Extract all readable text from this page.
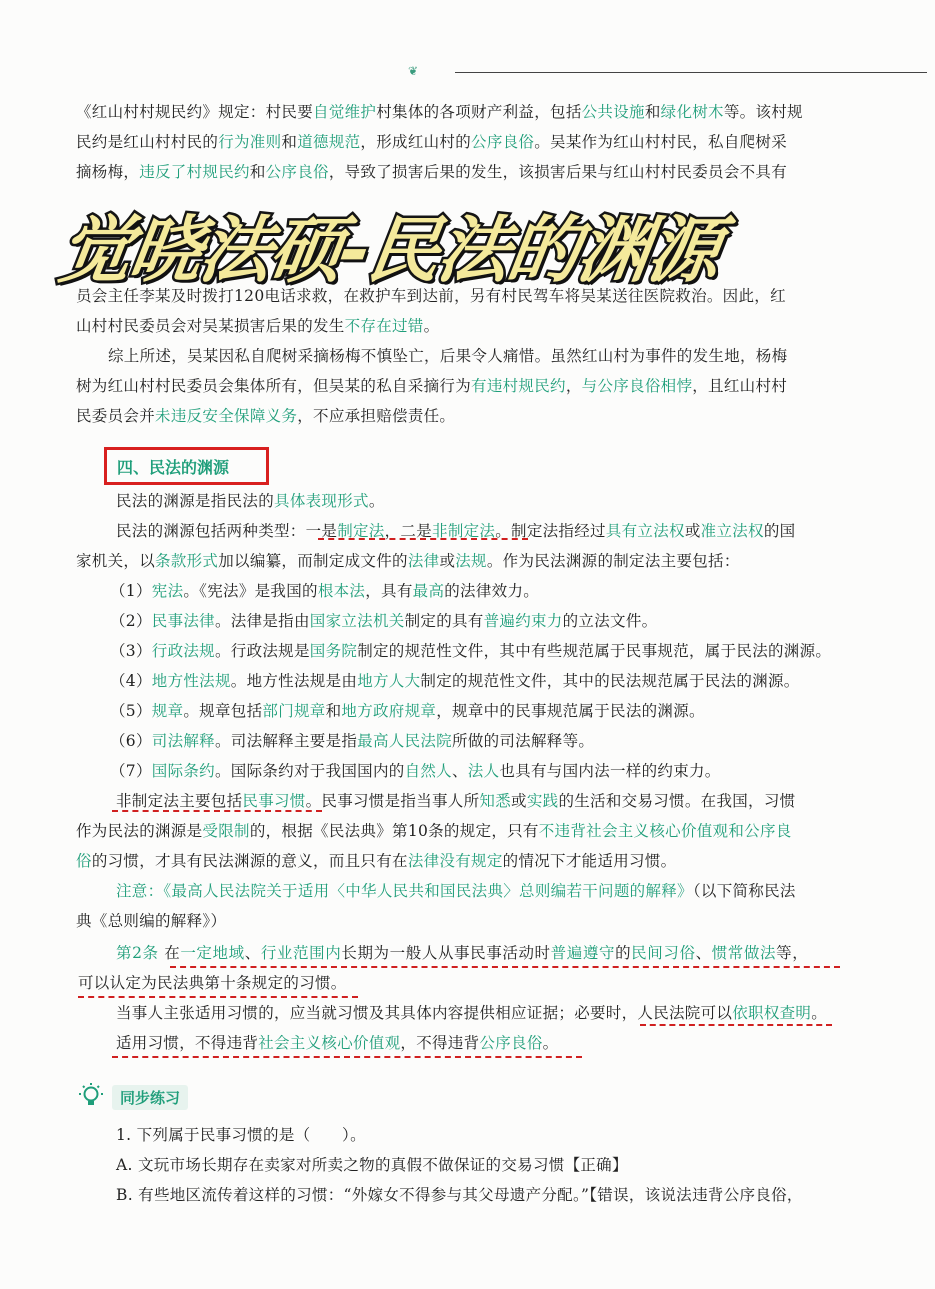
❦
《红山村村规民约》规定：村民要自觉维护村集体的各项财产利益，包括公共设施和绿化树木等。该村规
民约是红山村村民的行为准则和道德规范，形成红山村的公序良俗。吴某作为红山村村民，私自爬树采
摘杨梅，违反了村规民约和公序良俗，导致了损害后果的发生，该损害后果与红山村村民委员会不具有
觉晓法硕-民法的渊源
员会主任李某及时拨打120电话求救，在救护车到达前，另有村民驾车将吴某送往医院救治。因此，红
山村村民委员会对吴某损害后果的发生不存在过错。
综上所述，吴某因私自爬树采摘杨梅不慎坠亡，后果令人痛惜。虽然红山村为事件的发生地，杨梅
树为红山村村民委员会集体所有，但吴某的私自采摘行为有违村规民约，与公序良俗相悖，且红山村村
民委员会并未违反安全保障义务，不应承担赔偿责任。
四、民法的渊源
民法的渊源是指民法的具体表现形式。
民法的渊源包括两种类型：一是制定法，二是非制定法。制定法指经过具有立法权或准立法权的国
家机关，以条款形式加以编纂，而制定成文件的法律或法规。作为民法渊源的制定法主要包括：
（1）宪法。《宪法》是我国的根本法，具有最高的法律效力。
（2）民事法律。法律是指由国家立法机关制定的具有普遍约束力的立法文件。
（3）行政法规。行政法规是国务院制定的规范性文件，其中有些规范属于民事规范，属于民法的渊源。
（4）地方性法规。地方性法规是由地方人大制定的规范性文件，其中的民法规范属于民法的渊源。
（5）规章。规章包括部门规章和地方政府规章，规章中的民事规范属于民法的渊源。
（6）司法解释。司法解释主要是指最高人民法院所做的司法解释等。
（7）国际条约。国际条约对于我国国内的自然人、法人也具有与国内法一样的约束力。
非制定法主要包括民事习惯。民事习惯是指当事人所知悉或实践的生活和交易习惯。在我国，习惯
作为民法的渊源是受限制的，根据《民法典》第10条的规定，只有不违背社会主义核心价值观和公序良
俗的习惯，才具有民法渊源的意义，而且只有在法律没有规定的情况下才能适用习惯。
注意：《最高人民法院关于适用〈中华人民共和国民法典〉总则编若干问题的解释》（以下简称民法
典《总则编的解释》）
第2条 在一定地域、行业范围内长期为一般人从事民事活动时普遍遵守的民间习俗、惯常做法等，
可以认定为民法典第十条规定的习惯。
当事人主张适用习惯的，应当就习惯及其具体内容提供相应证据；必要时，人民法院可以依职权查明。
适用习惯，不得违背社会主义核心价值观，不得违背公序良俗。
同步练习
1. 下列属于民事习惯的是（　　）。
A. 文玩市场长期存在卖家对所卖之物的真假不做保证的交易习惯【正确】
B. 有些地区流传着这样的习惯：“外嫁女不得参与其父母遗产分配。”【错误，该说法违背公序良俗，
